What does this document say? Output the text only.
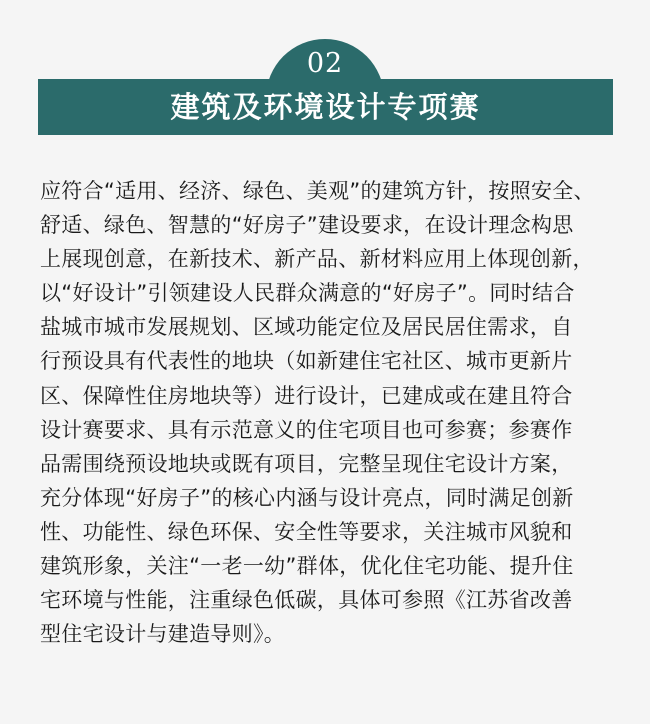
02
建筑及环境设计专项赛
应符合“适用、经济、绿色、美观”的建筑方针，按照安全、
舒适、绿色、智慧的“好房子”建设要求，在设计理念构思
上展现创意，在新技术、新产品、新材料应用上体现创新，
以“好设计”引领建设人民群众满意的“好房子”。同时结合
盐城市城市发展规划、区域功能定位及居民居住需求，自
行预设具有代表性的地块（如新建住宅社区、城市更新片
区、保障性住房地块等）进行设计，已建成或在建且符合
设计赛要求、具有示范意义的住宅项目也可参赛；参赛作
品需围绕预设地块或既有项目，完整呈现住宅设计方案，
充分体现“好房子”的核心内涵与设计亮点，同时满足创新
性、功能性、绿色环保、安全性等要求，关注城市风貌和
建筑形象，关注“一老一幼”群体，优化住宅功能、提升住
宅环境与性能，注重绿色低碳，具体可参照《江苏省改善
型住宅设计与建造导则》。
